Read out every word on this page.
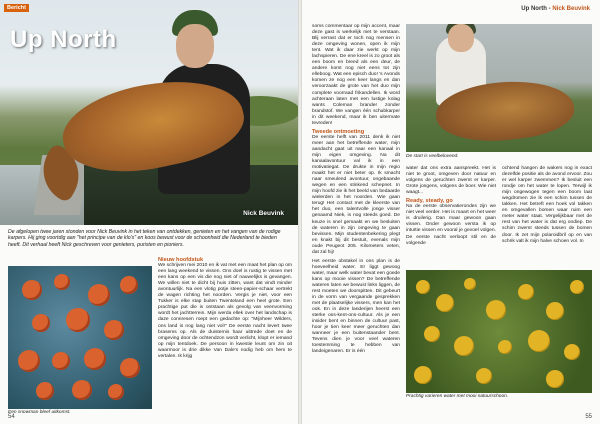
Bericht
Up North
Nick Beuvink
De afgelopen twee jaren stonden voor Nick Beuvink in het teken van ontdekken, genieten en het vangen van de rodige karpers. Hij ging voortdig aan "het principe van de klo's" en koos bewust voor de schoonheid die Nederland te bieden heeft. Dit verhaal heeft Nick geschreven voor genieters, puristen en pioniers.
Een snowman bleef uitkomst.
Nieuw hoofdstuk

We schrijven mei 2010 en ik vat met een maat het plan op om een lang weekend te vissen. Ons doel is rustig te vissen met een kans op een vis die nog niet of nauwelijks is gevangen. We willen niet te dicht bij huis zitten, want dat vindt minder avontuurlijk. Na een vlotig potje steen-papier-schaar vertrekt de wagen richting het noorden. Vergis je niet, voor een Tukker is elke stap buiten Twenteland een heel grote. Een prachtige put die is ontstaan als gevolg van veenvorming wordt het jachtterrein. Mijn werda ellek over het landschap is daze connresen roept een gedachte op: "Mijnheer Wilders, ons land is nog lang niet vol!" De eerste nacht levert twee brasems op. Als de duisternis haar uittrede doet en de omgeving door de ochtendzon wordt verlicht, klopt er iemand op mijn tentdoek. De persoon in kwestie leunt om zin oit waarmoor is drie dikke Van Dale's nodig heb om hem te vertalen. Ik krijg

54
Up North - Nick Beuvink

soms commentaar op mijn accent, maar deze gast is werkelijk niet te verstaan. Blij verrast dat er toch nog mensen in deze omgeving wonen, open ik mijn tent. Wat ik daar zie werkt op mijn lachspieren. De ene kreel is zo groot als een boom en breed als een deur, de andere komt nog niet eens tot zijn elleboog. Wat een episch duo! 's Avonds komen ze nog een keer langs en dan veroorzaakt de grote van het duo mijn complete voorraad frikandellen. Ik word achteraan laten met een lustige kolag wants Coleman brander zonder brandstof. We vangen één schubkarper in dit weekend, maar ik ben uitermate tevreden!

Tweede ontmoeting

De eerste helft van 2011 denk ik niet meer aan het betreffende water, mijn aandacht gaat uit naar een kanaal in mijn eigen omgeving. Na dit kanaalavontuur val ik in een motivatiegat. De drukte in mijn regio maakt het er niet beter op. Ik smacht naar smeulend avontuur, ongebaande wegen en een stinkend schepnet. In mijn hoofd zie ik het beeld van bedaarde wielerden in het noorden. Wie gaan terug! Het contact met de kleerste van het duo, een talentvolle jonge visser genaamd Niek, is nog steeds goed. De keuze is snel gemaakt en we besluiten de wateren in zijn omgeving te gaan bevissen. Mijn studentenbekering plegt en knakt bij dit bestuit, evenals mijn oude Peugeot 205. Kilometers veten, dat zal hij!

Het eerste obstakel in ons plan is de hoeveelheid water. Er liggt gewoog water, maar welk water bevat een goede kans op mooie vissen? De betreffende wateren laten we bewust links liggen, de rest moeten we doorspitten. Dit gebeurt in de vorm van vergaande gesprekken met de plaatselijke vissers, men kan het ook. En in deze landerijen heerst een sterke ons-kent-ons-cultuur. Als je een insider bent en binnen de cultuur past, hoor je tien keer meer geruchten dan wanneer je een buitenstaander bent. Tevens dien je voor veel wateren toestemming te hebben van landeigenaren. Er is één

De start is veelbelovend.

water dat ons extra aanspreekt. Het is niet te groot, omgeven door natuur en volgens de geruchten zwemt er karper. Grote jongens, volgens de boer. Wie niet waagt...

Ready, steady, go

Na de eerste observatierondes zijn we niet veel verder. Het is maart en het weer is druilerig. Dan maar gewoon gaan vissen. Onder gewoon versta ik op intuïtie vissen en vooral je gevoel volgen. De eerste nacht verloopt stil en de volgende

ochtend hangen de wakers nog in exact dezelfde positie als de avond ervoor. Zou er wel karper zwemmen? Ik besluit een rondje om het water te lopen. Terwijl ik mijn ongewogen tegen een boom laat wegdromen zie ik een schim tussen de takken. Het betreft een hoek vol takken en omgevallen bomen waar ruim een meter water staat. Vergelijkbaar met de rest van het water is dat erg ondiep. De schim zwemt steeds tussen de bomen door. Ik zet mijn polaroidbril op en van schrik valt ik mijn halve schoen vol. In

Prachtig varieren water met mooi natuurschoon.
55
